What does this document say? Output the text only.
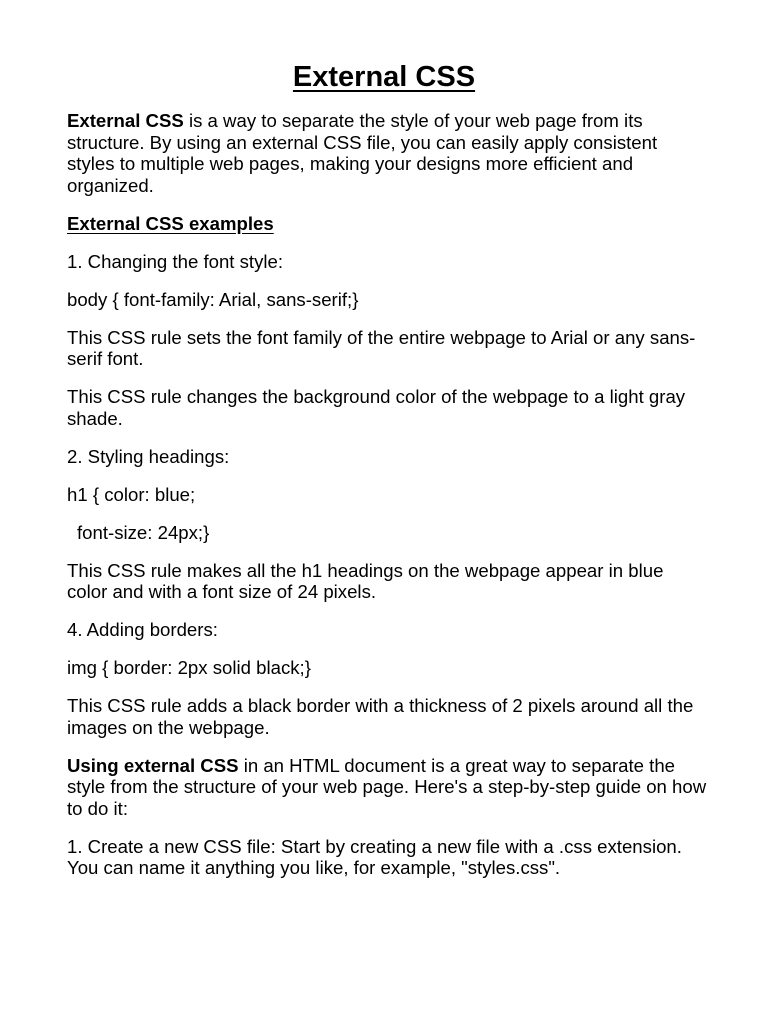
External CSS

External CSS is a way to separate the style of your web page from its structure. By using an external CSS file, you can easily apply consistent styles to multiple web pages, making your designs more efficient and organized.

External CSS examples

1. Changing the font style:

body { font-family: Arial, sans-serif;}

This CSS rule sets the font family of the entire webpage to Arial or any sans-serif font.

This CSS rule changes the background color of the webpage to a light gray shade.

2. Styling headings:

h1 { color: blue;

font-size: 24px;}

This CSS rule makes all the h1 headings on the webpage appear in blue color and with a font size of 24 pixels.

4. Adding borders:

img { border: 2px solid black;}

This CSS rule adds a black border with a thickness of 2 pixels around all the images on the webpage.

Using external CSS in an HTML document is a great way to separate the style from the structure of your web page. Here's a step-by-step guide on how to do it:

1. Create a new CSS file: Start by creating a new file with a .css extension. You can name it anything you like, for example, "styles.css".
